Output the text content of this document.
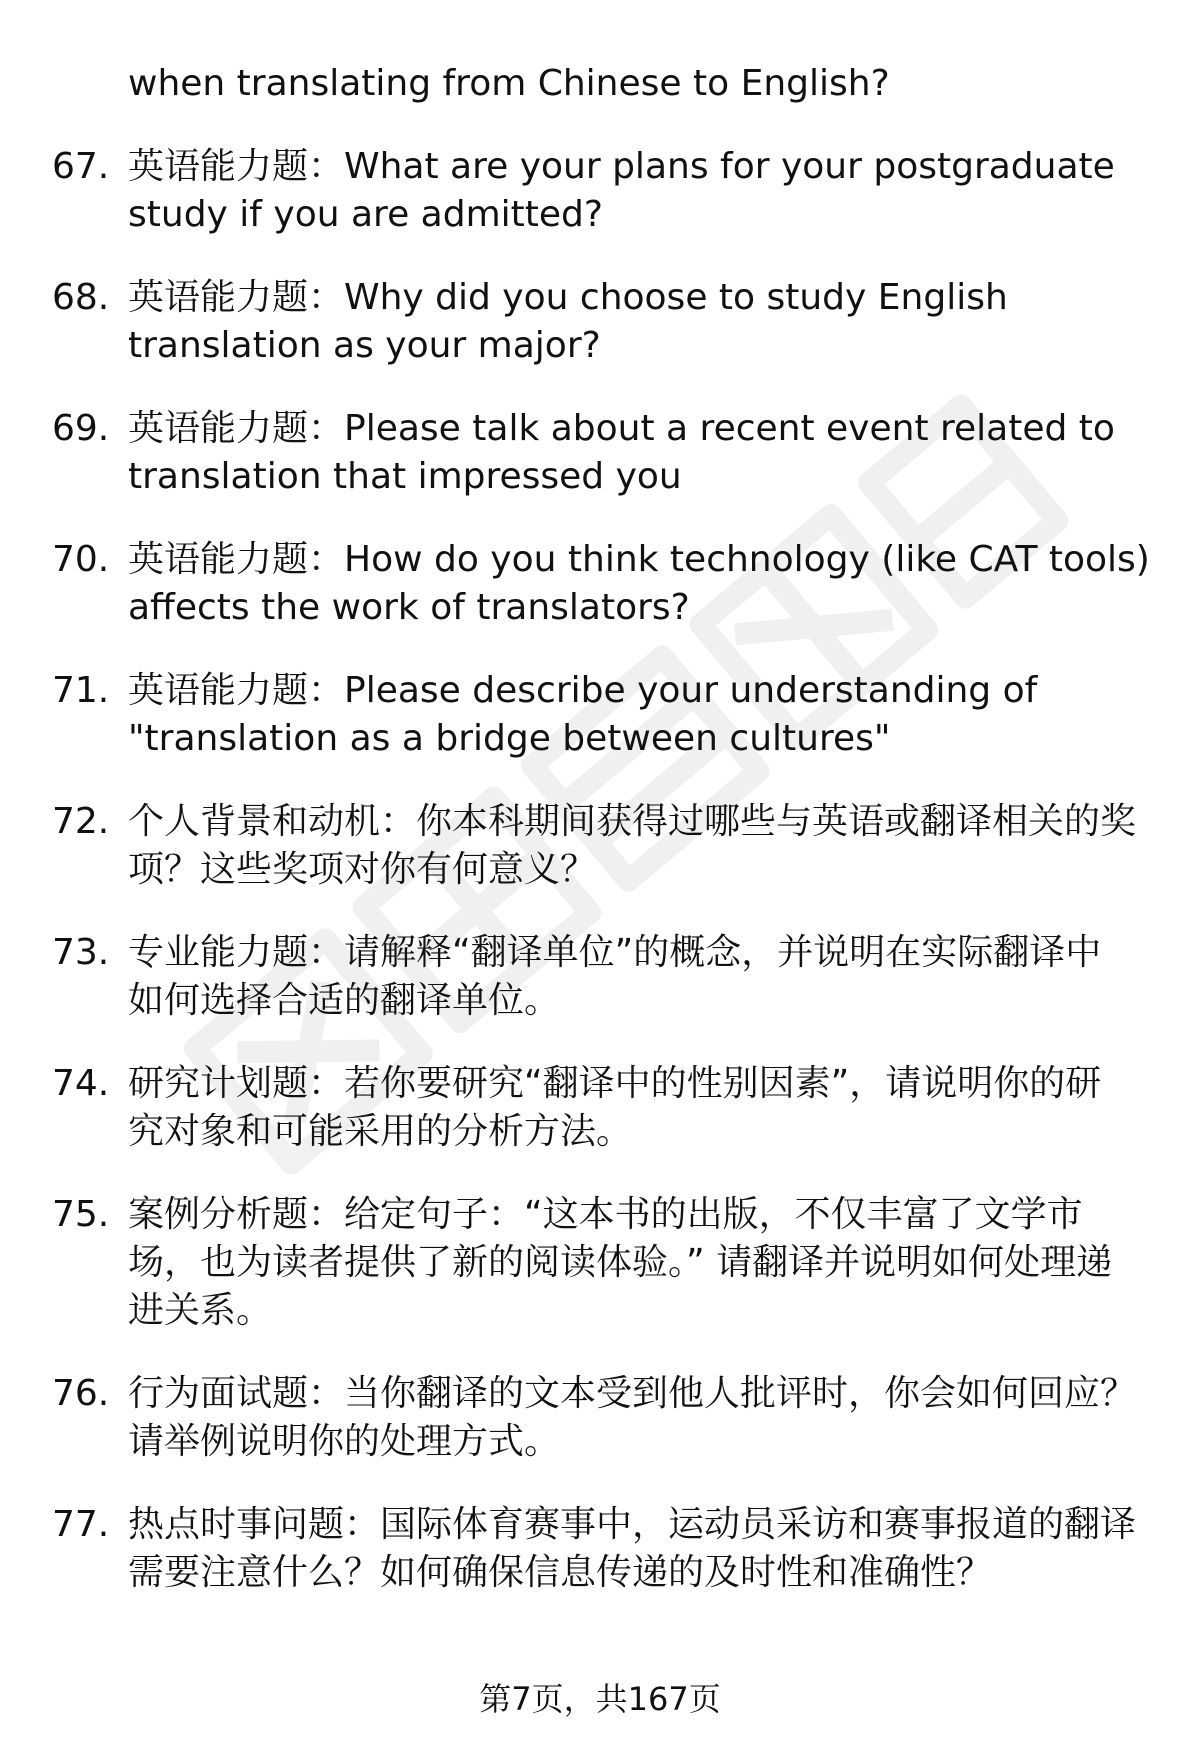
when translating from Chinese to English?
67. 英语能力题：What are your plans for your postgraduate
study if you are admitted?
68. 英语能力题：Why did you choose to study English
translation as your major?
69. 英语能力题：Please talk about a recent event related to
translation that impressed you
70. 英语能力题：How do you think technology (like CAT tools)
affects the work of translators?
71. 英语能力题：Please describe your understanding of
"translation as a bridge between cultures"
72. 个人背景和动机：你本科期间获得过哪些与英语或翻译相关的奖
项？这些奖项对你有何意义？
73. 专业能力题：请解释“翻译单位”的概念，并说明在实际翻译中
如何选择合适的翻译单位。
74. 研究计划题：若你要研究“翻译中的性别因素”，请说明你的研
究对象和可能采用的分析方法。
75. 案例分析题：给定句子：“这本书的出版，不仅丰富了文学市
场，也为读者提供了新的阅读体验。” 请翻译并说明如何处理递
进关系。
76. 行为面试题：当你翻译的文本受到他人批评时，你会如何回应？
请举例说明你的处理方式。
77. 热点时事问题：国际体育赛事中，运动员采访和赛事报道的翻译
需要注意什么？如何确保信息传递的及时性和准确性？
第7页，共167页
